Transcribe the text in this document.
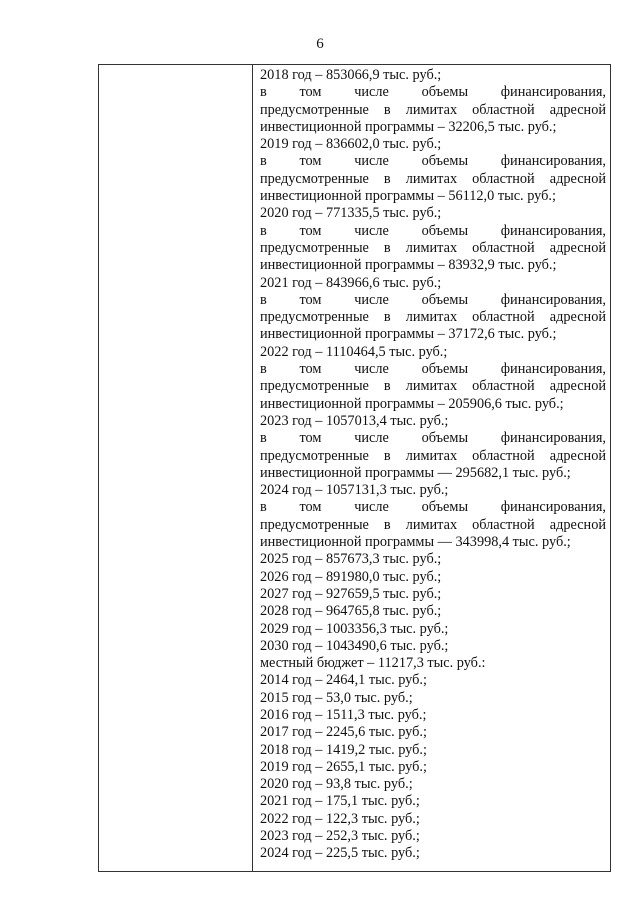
6
2018 год – 853066,9 тыс. руб.;
в том числе объемы финансирования,
предусмотренные в лимитах областной адресной
инвестиционной программы – 32206,5 тыс. руб.;
2019 год – 836602,0 тыс. руб.;
в том числе объемы финансирования,
предусмотренные в лимитах областной адресной
инвестиционной программы – 56112,0 тыс. руб.;
2020 год – 771335,5 тыс. руб.;
в том числе объемы финансирования,
предусмотренные в лимитах областной адресной
инвестиционной программы – 83932,9 тыс. руб.;
2021 год – 843966,6 тыс. руб.;
в том числе объемы финансирования,
предусмотренные в лимитах областной адресной
инвестиционной программы – 37172,6 тыс. руб.;
2022 год – 1110464,5 тыс. руб.;
в том числе объемы финансирования,
предусмотренные в лимитах областной адресной
инвестиционной программы – 205906,6 тыс. руб.;
2023 год – 1057013,4 тыс. руб.;
в том числе объемы финансирования,
предусмотренные в лимитах областной адресной
инвестиционной программы — 295682,1 тыс. руб.;
2024 год – 1057131,3 тыс. руб.;
в том числе объемы финансирования,
предусмотренные в лимитах областной адресной
инвестиционной программы — 343998,4 тыс. руб.;
2025 год – 857673,3 тыс. руб.;
2026 год – 891980,0 тыс. руб.;
2027 год – 927659,5 тыс. руб.;
2028 год – 964765,8 тыс. руб.;
2029 год – 1003356,3 тыс. руб.;
2030 год – 1043490,6 тыс. руб.;
местный бюджет – 11217,3 тыс. руб.:
2014 год – 2464,1 тыс. руб.;
2015 год – 53,0 тыс. руб.;
2016 год – 1511,3 тыс. руб.;
2017 год – 2245,6 тыс. руб.;
2018 год – 1419,2 тыс. руб.;
2019 год – 2655,1 тыс. руб.;
2020 год – 93,8 тыс. руб.;
2021 год – 175,1 тыс. руб.;
2022 год – 122,3 тыс. руб.;
2023 год – 252,3 тыс. руб.;
2024 год – 225,5 тыс. руб.;
